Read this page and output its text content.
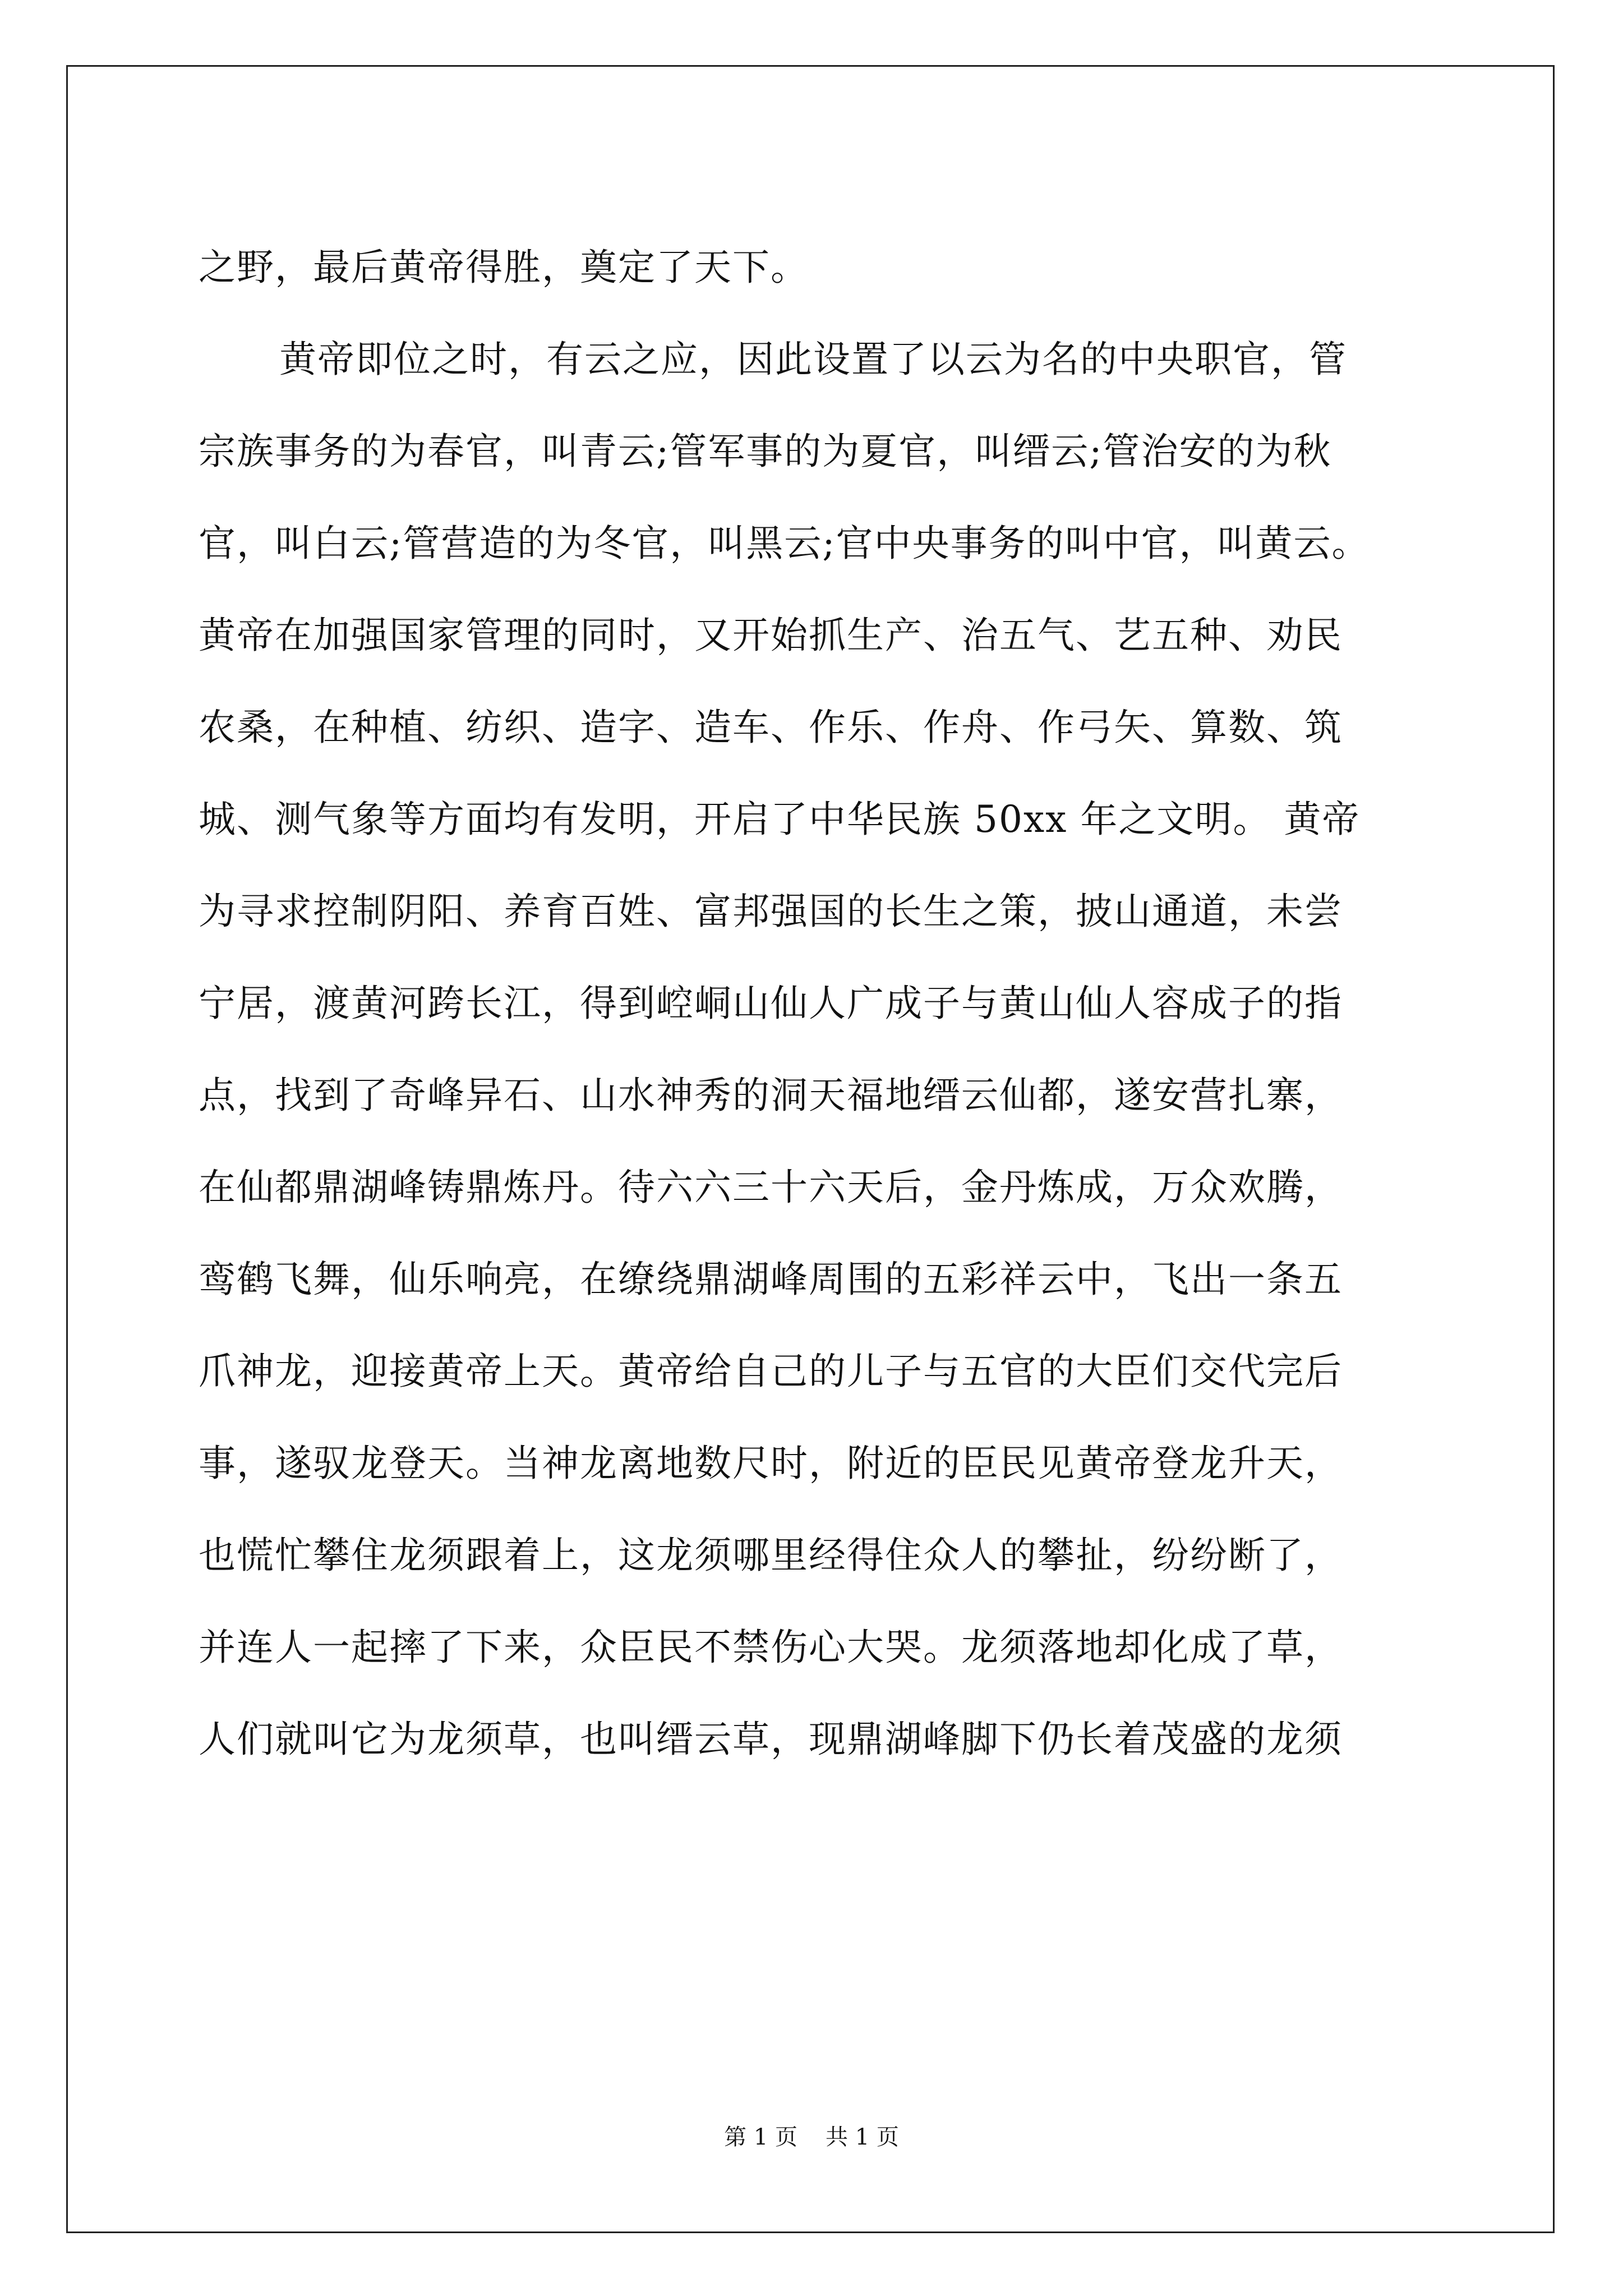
之野，最后黄帝得胜，奠定了天下。
黄帝即位之时，有云之应，因此设置了以云为名的中央职官，管
宗族事务的为春官，叫青云;管军事的为夏官，叫缙云;管治安的为秋
官，叫白云;管营造的为冬官，叫黑云;官中央事务的叫中官，叫黄云。
黄帝在加强国家管理的同时，又开始抓生产、治五气、艺五种、劝民
农桑，在种植、纺织、造字、造车、作乐、作舟、作弓矢、算数、筑
城、测气象等方面均有发明，开启了中华民族 50xx 年之文明。 黄帝
为寻求控制阴阳、养育百姓、富邦强国的长生之策，披山通道，未尝
宁居，渡黄河跨长江，得到崆峒山仙人广成子与黄山仙人容成子的指
点，找到了奇峰异石、山水神秀的洞天福地缙云仙都，遂安营扎寨，
在仙都鼎湖峰铸鼎炼丹。待六六三十六天后，金丹炼成，万众欢腾，
鸾鹤飞舞，仙乐响亮，在缭绕鼎湖峰周围的五彩祥云中，飞出一条五
爪神龙，迎接黄帝上天。黄帝给自己的儿子与五官的大臣们交代完后
事，遂驭龙登天。当神龙离地数尺时，附近的臣民见黄帝登龙升天，
也慌忙攀住龙须跟着上，这龙须哪里经得住众人的攀扯，纷纷断了，
并连人一起摔了下来，众臣民不禁伤心大哭。龙须落地却化成了草，
人们就叫它为龙须草，也叫缙云草，现鼎湖峰脚下仍长着茂盛的龙须
第 1 页 共 1 页
